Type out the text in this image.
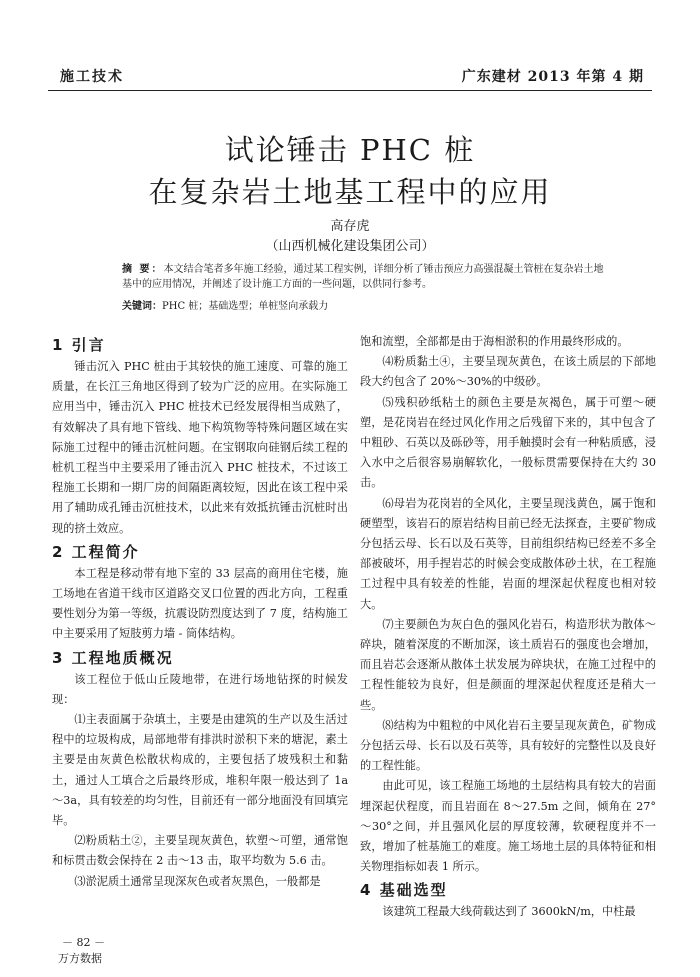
施工技术	广东建材 2013 年第 4 期
试论锤击 PHC 桩
在复杂岩土地基工程中的应用
高存虎
（山西机械化建设集团公司）
摘 要：本文结合笔者多年施工经验，通过某工程实例，详细分析了锤击预应力高强混凝土管桩在复杂岩土地基中的应用情况，并阐述了设计施工方面的一些问题，以供同行参考。
关键词：PHC 桩；基础选型；单桩竖向承载力
1 引言

锤击沉入 PHC 桩由于其较快的施工速度、可靠的施工质量，在长江三角地区得到了较为广泛的应用。在实际施工应用当中，锤击沉入 PHC 桩技术已经发展得相当成熟了，有效解决了具有地下管线、地下构筑物等特殊问题区域在实际施工过程中的锤击沉桩问题。在宝钢取向硅钢后续工程的桩机工程当中主要采用了锤击沉入 PHC 桩技术，不过该工程施工长期和一期厂房的间隔距离较短，因此在该工程中采用了辅助成孔锤击沉桩技术，以此来有效抵抗锤击沉桩时出现的挤土效应。

2 工程简介

本工程是移动带有地下室的 33 层高的商用住宅楼，施工场地在省道干线市区道路交叉口位置的西北方向，工程重要性划分为第一等级，抗震设防烈度达到了 7 度，结构施工中主要采用了短肢剪力墙 - 筒体结构。

3 工程地质概况

该工程位于低山丘陵地带，在进行场地钻探的时候发现：

⑴主表面属于杂填土，主要是由建筑的生产以及生活过程中的垃圾构成，局部地带有排洪时淤积下来的塘泥，素土主要是由灰黄色松散状构成的，主要包括了坡残积土和黏土，通过人工填合之后最终形成，堆积年限一般达到了 1a～3a，具有较差的均匀性，目前还有一部分地面没有回填完毕。

⑵粉质粘土②，主要呈现灰黄色，软塑～可塑，通常饱和标贯击数会保持在 2 击～13 击，取平均数为 5.6 击。

⑶淤泥质土通常呈现深灰色或者灰黑色，一般都是

饱和流塑，全部都是由于海相淤积的作用最终形成的。

⑷粉质黏土④，主要呈现灰黄色，在该土质层的下部地段大约包含了 20%～30%的中级砂。

⑸残积砂纸粘土的颜色主要是灰褐色，属于可塑～硬塑，是花岗岩在经过风化作用之后残留下来的，其中包含了中粗砂、石英以及砾砂等，用手触摸时会有一种粘质感，浸入水中之后很容易崩解软化，一般标贯需要保持在大约 30 击。

⑹母岩为花岗岩的全风化，主要呈现浅黄色，属于饱和硬塑型，该岩石的原岩结构目前已经无法探查，主要矿物成分包括云母、长石以及石英等，目前组织结构已经差不多全部被破坏，用手捏岩芯的时候会变成散体砂土状，在工程施工过程中具有较差的性能，岩面的埋深起伏程度也相对较大。

⑺主要颜色为灰白色的强风化岩石，构造形状为散体～碎块，随着深度的不断加深，该土质岩石的强度也会增加，而且岩芯会逐渐从散体土状发展为碎块状，在施工过程中的工程性能较为良好，但是颜面的埋深起伏程度还是稍大一些。

⑻结构为中粗粒的中风化岩石主要呈现灰黄色，矿物成分包括云母、长石以及石英等，具有较好的完整性以及良好的工程性能。

由此可见，该工程施工场地的土层结构具有较大的岩面埋深起伏程度，而且岩面在 8～27.5m 之间，倾角在 27°～30°之间，并且强风化层的厚度较薄，软硬程度并不一致，增加了桩基施工的难度。施工场地土层的具体特征和相关物理指标如表 1 所示。

4 基础选型

该建筑工程最大线荷载达到了 3600kN/m，中柱最

－ 82 －
万方数据
